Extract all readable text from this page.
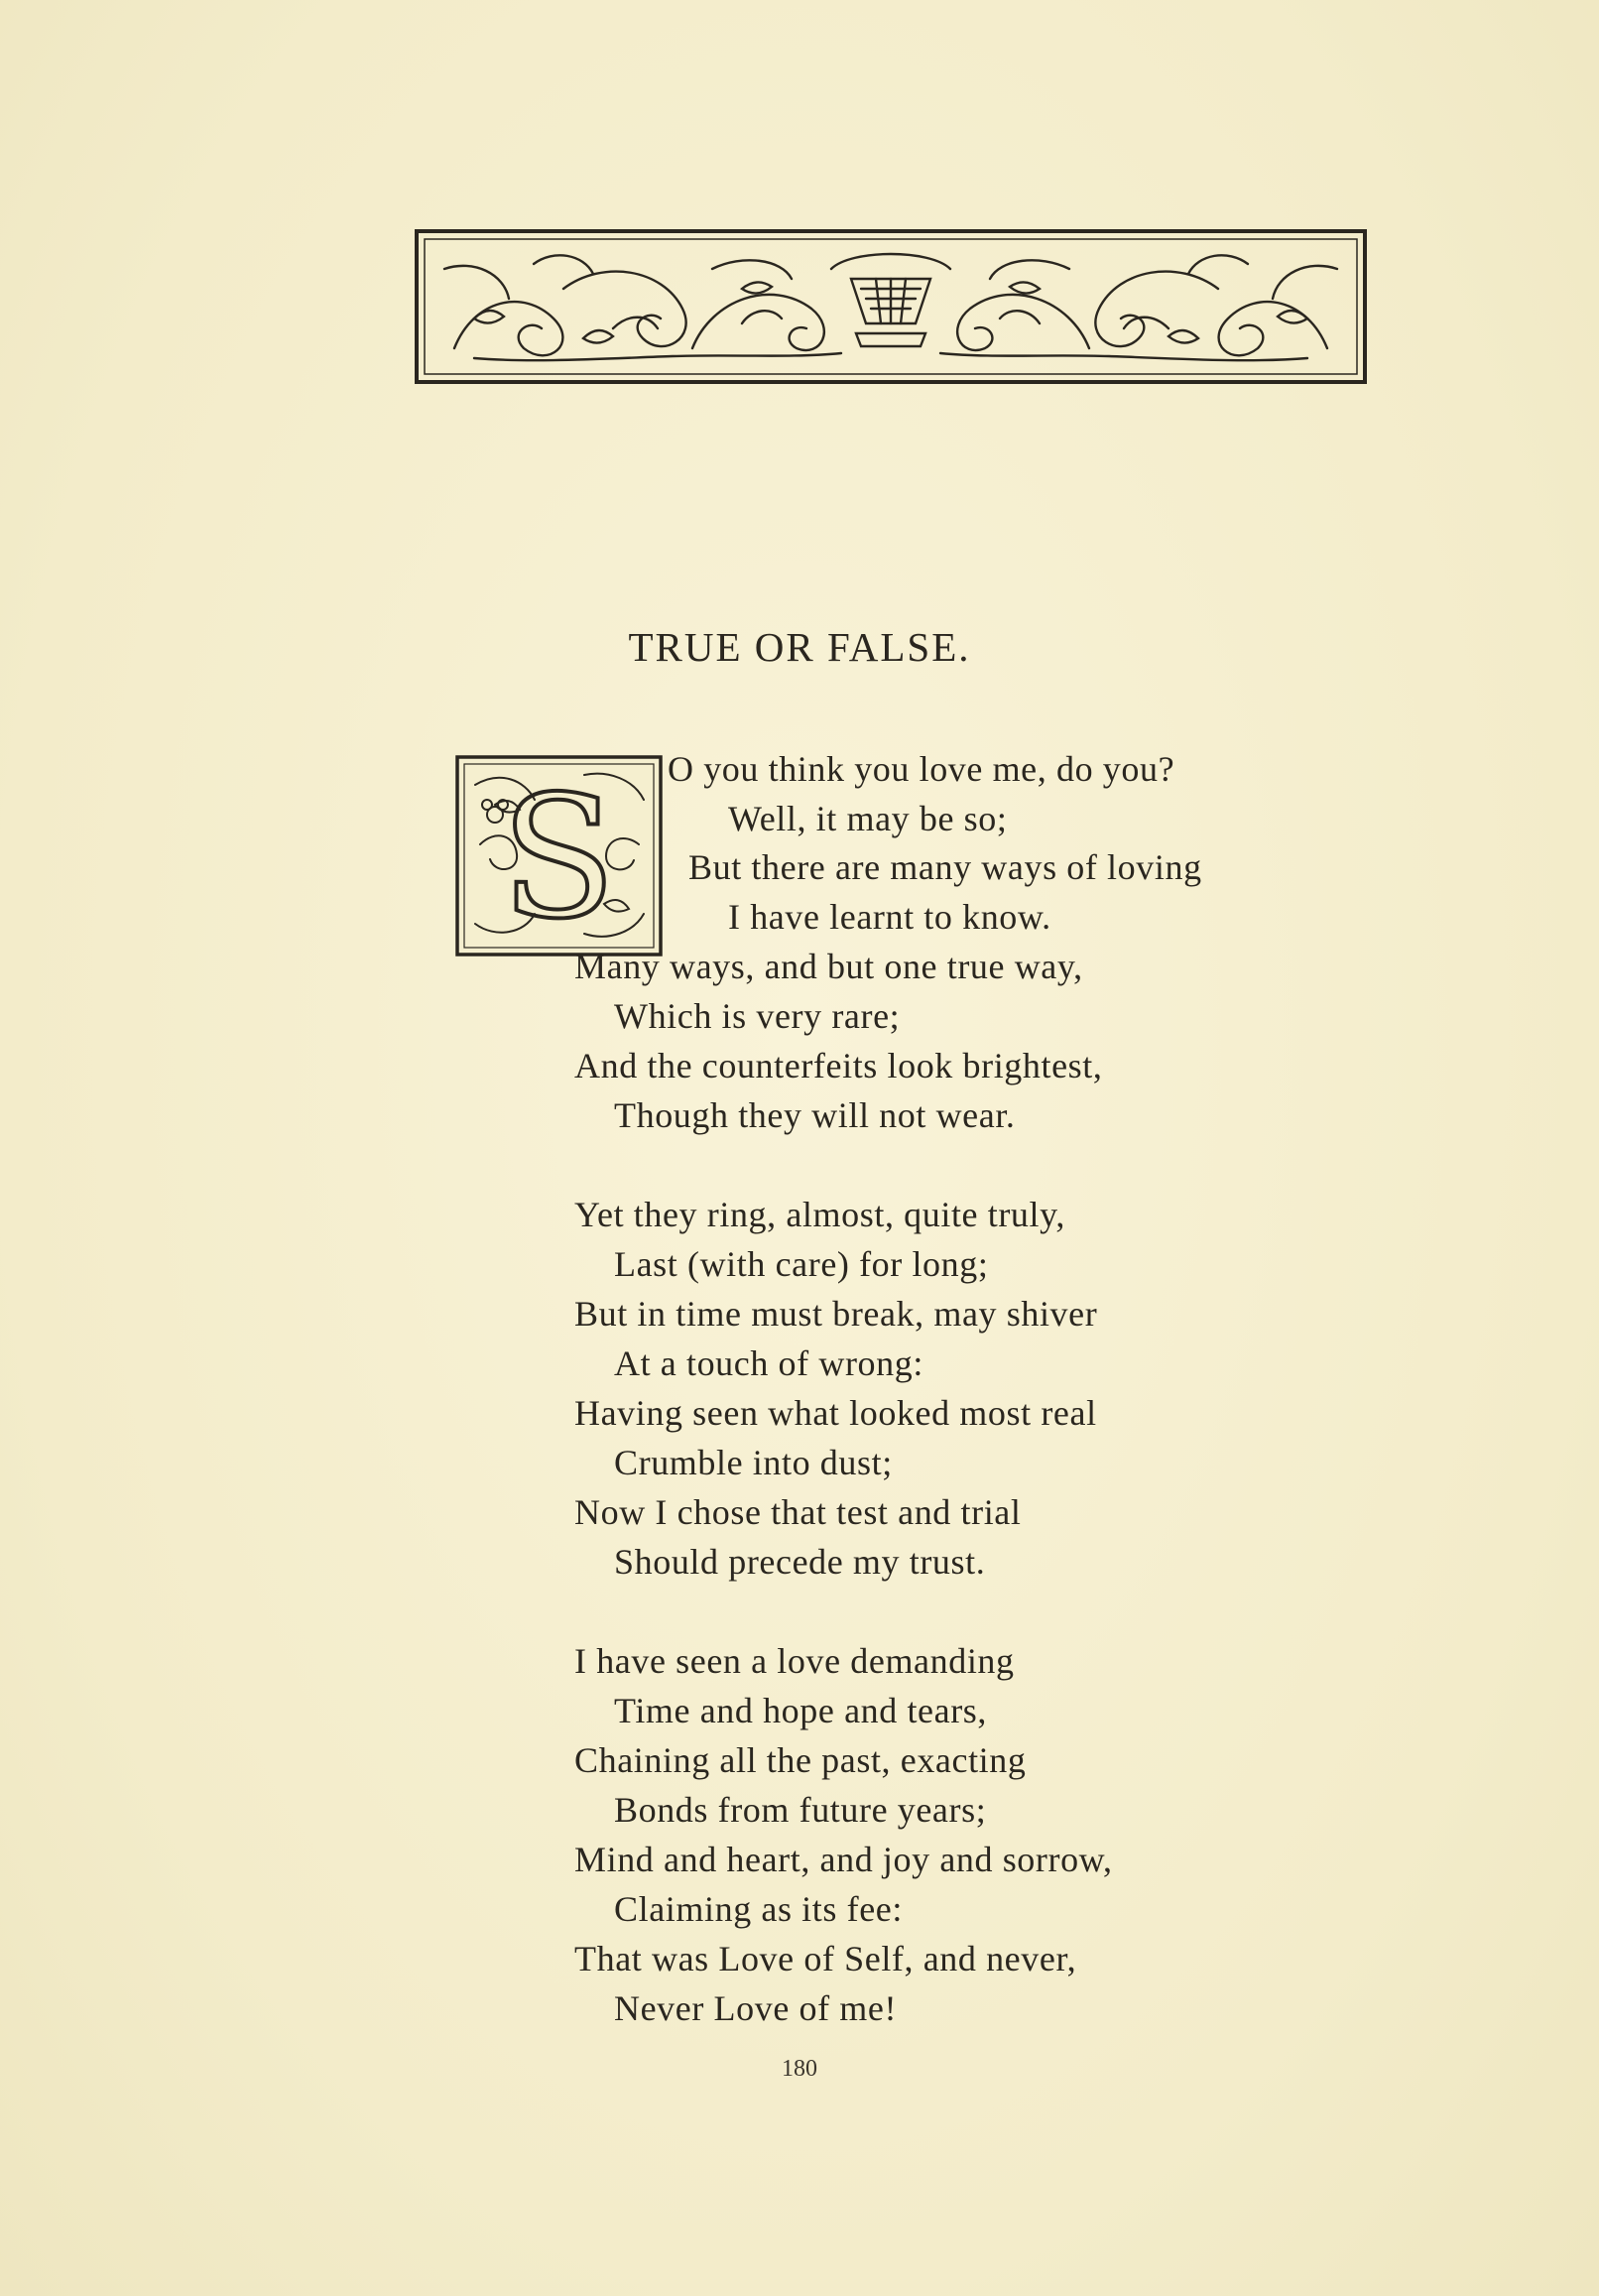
TRUE OR FALSE.
S O you think you love me, do you?
Well, it may be so;
But there are many ways of loving
I have learnt to know.
Many ways, and but one true way,
Which is very rare;
And the counterfeits look brightest,
Though they will not wear.
Yet they ring, almost, quite truly,
Last (with care) for long;
But in time must break, may shiver
At a touch of wrong:
Having seen what looked most real
Crumble into dust;
Now I chose that test and trial
Should precede my trust.
I have seen a love demanding
Time and hope and tears,
Chaining all the past, exacting
Bonds from future years;
Mind and heart, and joy and sorrow,
Claiming as its fee:
That was Love of Self, and never,
Never Love of me!
180
